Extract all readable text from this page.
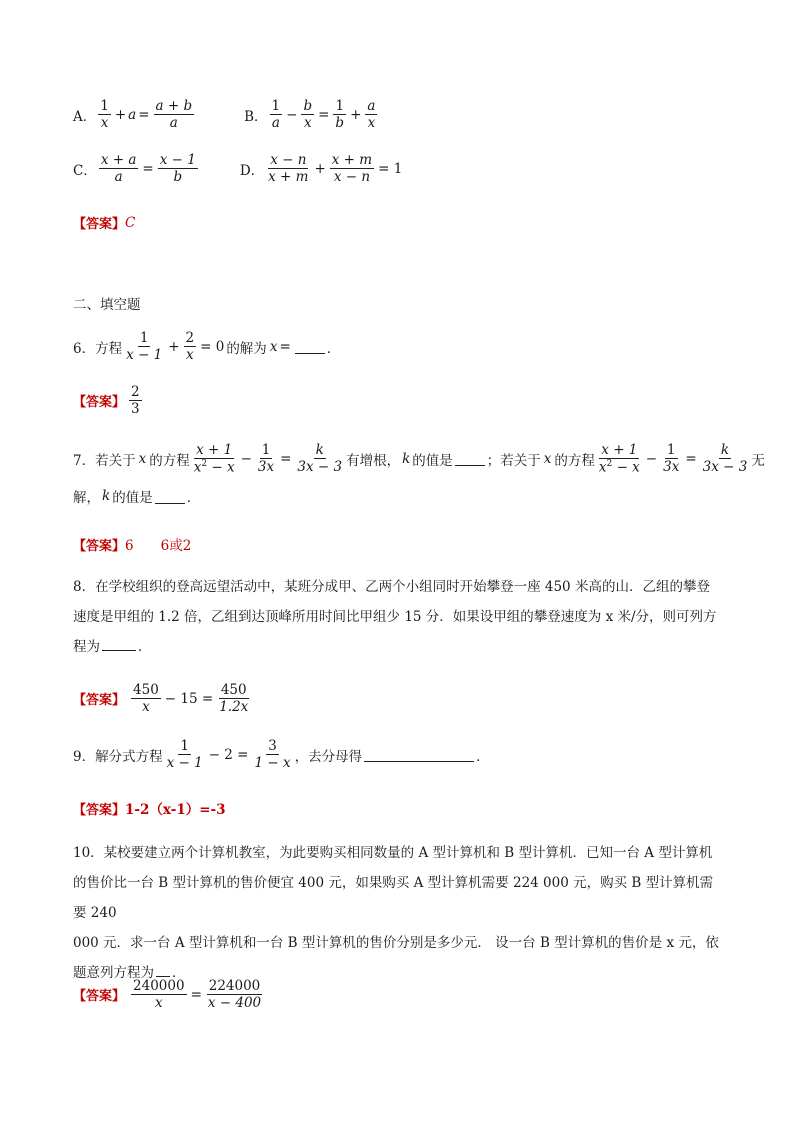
A． $\frac{1}{x} + a = \frac{a + b}{a}$	B． $\frac{1}{a} - \frac{b}{x} = \frac{1}{b} + \frac{a}{x}$
C． $\frac{x + a}{a} = \frac{x - 1}{b}$	D． $\frac{x - n}{x + m} + \frac{x + m}{x - n} = 1$
【答案】 C
二、填空题
6．方程 $\frac{1}{x - 1} + \frac{2}{x} = 0$ 的解为 x =	．
【答案】 $\frac{2}{3}$
7．若关于 x 的方程 $\frac{x + 1}{x^2 - x} - \frac{1}{3x} = \frac{k}{3x - 3}$ 有增根， k 的值是	；若关于 x 的方程 $\frac{x + 1}{x^2 - x} - \frac{1}{3x} = \frac{k}{3x - 3}$ 无
解， k 的值是	．
【答案】 6　　6或2
8．在学校组织的登高远望活动中，某班分成甲、乙两个小组同时开始攀登一座 450 米高的山．乙组的攀登
速度是甲组的 1.2 倍，乙组到达顶峰所用时间比甲组少 15 分．如果设甲组的攀登速度为 x 米/分，则可列方
程为	．
【答案】 $\frac{450}{x} - 15 = \frac{450}{1.2x}$
9．解分式方程 $\frac{1}{x - 1} - 2 = \frac{3}{1 - x}$ ，去分母得	．
【答案】 1-2（x-1）=-3
10．某校要建立两个计算机教室，为此要购买相同数量的 A 型计算机和 B 型计算机．已知一台 A 型计算机
的售价比一台 B 型计算机的售价便宜 400 元，如果购买 A 型计算机需要 224 000 元，购买 B 型计算机需要 240
000 元．求一台 A 型计算机和一台 B 型计算机的售价分别是多少元． 设一台 B 型计算机的售价是 x 元，依
题意列方程为 ．
【答案】 $\frac{240000}{x} = \frac{224000}{x - 400}$
